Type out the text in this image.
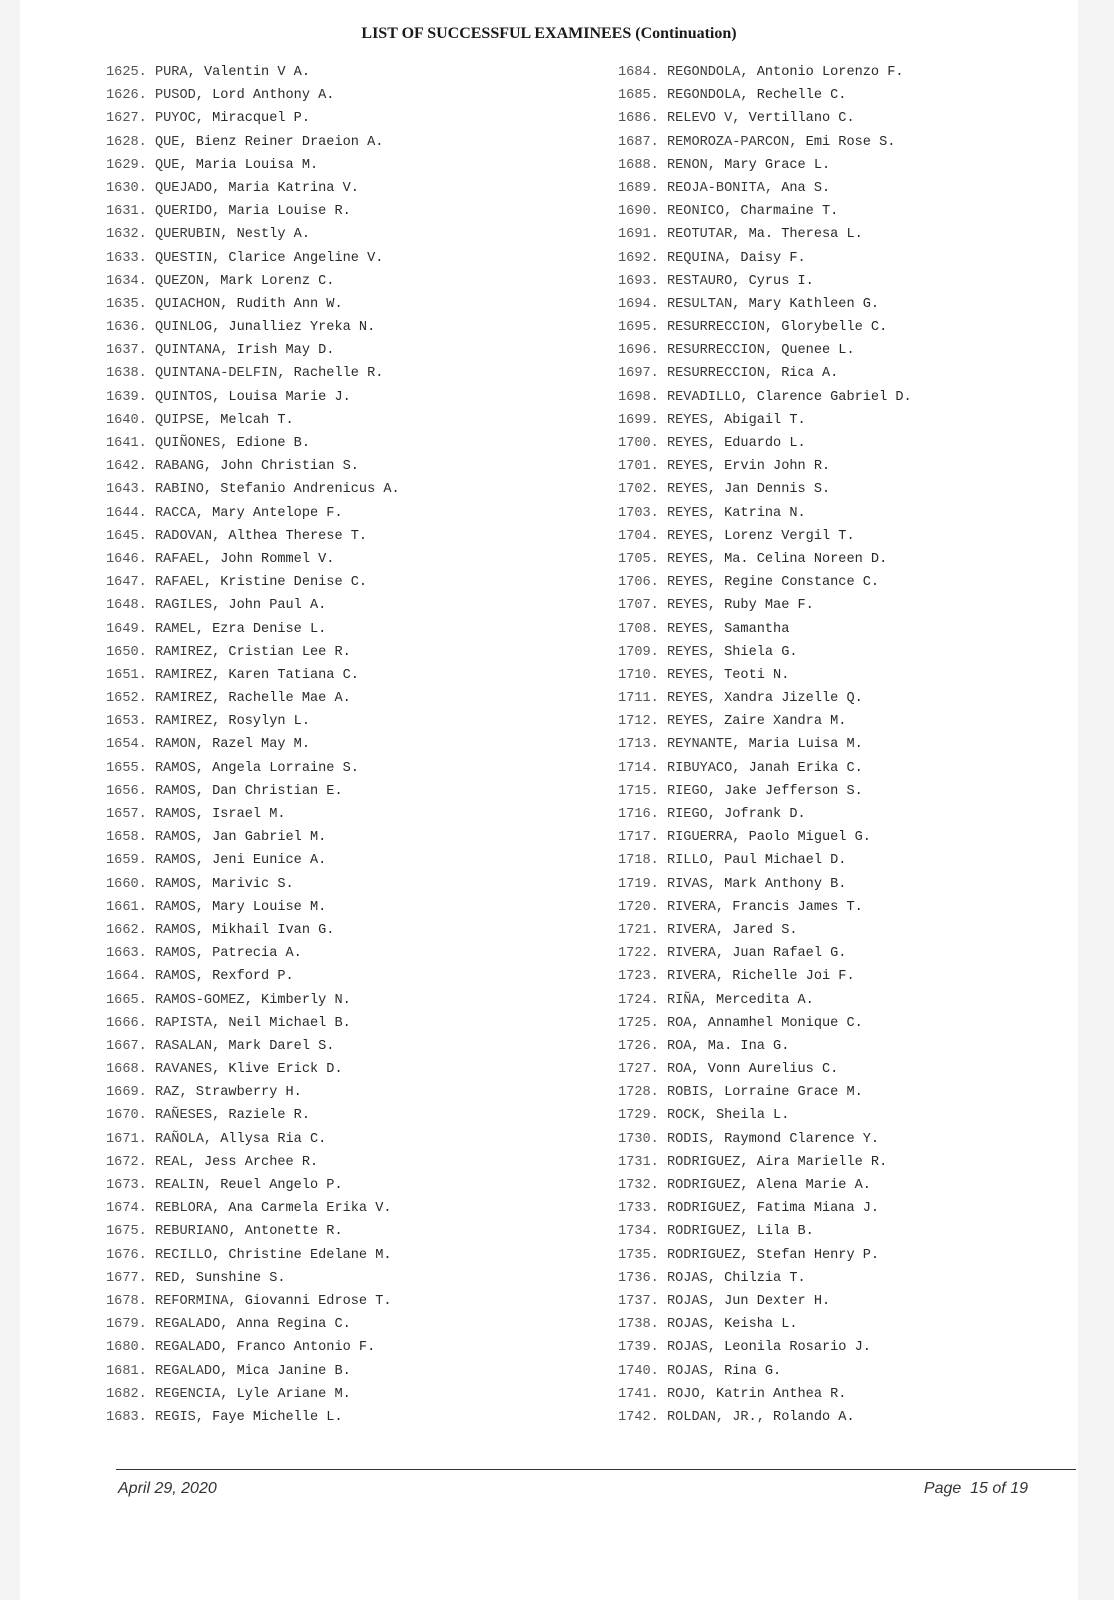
LIST OF SUCCESSFUL EXAMINEES (Continuation)
1625. PURA, Valentin V A.
1626. PUSOD, Lord Anthony A.
1627. PUYOC, Miracquel P.
1628. QUE, Bienz Reiner Draeion A.
1629. QUE, Maria Louisa M.
1630. QUEJADO, Maria Katrina V.
1631. QUERIDO, Maria Louise R.
1632. QUERUBIN, Nestly A.
1633. QUESTIN, Clarice Angeline V.
1634. QUEZON, Mark Lorenz C.
1635. QUIACHON, Rudith Ann W.
1636. QUINLOG, Junalliez Yreka N.
1637. QUINTANA, Irish May D.
1638. QUINTANA-DELFIN, Rachelle R.
1639. QUINTOS, Louisa Marie J.
1640. QUIPSE, Melcah T.
1641. QUIÑONES, Edione B.
1642. RABANG, John Christian S.
1643. RABINO, Stefanio Andrenicus A.
1644. RACCA, Mary Antelope F.
1645. RADOVAN, Althea Therese T.
1646. RAFAEL, John Rommel V.
1647. RAFAEL, Kristine Denise C.
1648. RAGILES, John Paul A.
1649. RAMEL, Ezra Denise L.
1650. RAMIREZ, Cristian Lee R.
1651. RAMIREZ, Karen Tatiana C.
1652. RAMIREZ, Rachelle Mae A.
1653. RAMIREZ, Rosylyn L.
1654. RAMON, Razel May M.
1655. RAMOS, Angela Lorraine S.
1656. RAMOS, Dan Christian E.
1657. RAMOS, Israel M.
1658. RAMOS, Jan Gabriel M.
1659. RAMOS, Jeni Eunice A.
1660. RAMOS, Marivic S.
1661. RAMOS, Mary Louise M.
1662. RAMOS, Mikhail Ivan G.
1663. RAMOS, Patrecia A.
1664. RAMOS, Rexford P.
1665. RAMOS-GOMEZ, Kimberly N.
1666. RAPISTA, Neil Michael B.
1667. RASALAN, Mark Darel S.
1668. RAVANES, Klive Erick D.
1669. RAZ, Strawberry H.
1670. RAÑESES, Raziele R.
1671. RAÑOLA, Allysa Ria C.
1672. REAL, Jess Archee R.
1673. REALIN, Reuel Angelo P.
1674. REBLORA, Ana Carmela Erika V.
1675. REBURIANO, Antonette R.
1676. RECILLO, Christine Edelane M.
1677. RED, Sunshine S.
1678. REFORMINA, Giovanni Edrose T.
1679. REGALADO, Anna Regina C.
1680. REGALADO, Franco Antonio F.
1681. REGALADO, Mica Janine B.
1682. REGENCIA, Lyle Ariane M.
1683. REGIS, Faye Michelle L.
1684. REGONDOLA, Antonio Lorenzo F.
1685. REGONDOLA, Rechelle C.
1686. RELEVO V, Vertillano C.
1687. REMOROZA-PARCON, Emi Rose S.
1688. RENON, Mary Grace L.
1689. REOJA-BONITA, Ana S.
1690. REONICO, Charmaine T.
1691. REOTUTAR, Ma. Theresa L.
1692. REQUINA, Daisy F.
1693. RESTAURO, Cyrus I.
1694. RESULTAN, Mary Kathleen G.
1695. RESURRECCION, Glorybelle C.
1696. RESURRECCION, Quenee L.
1697. RESURRECCION, Rica A.
1698. REVADILLO, Clarence Gabriel D.
1699. REYES, Abigail T.
1700. REYES, Eduardo L.
1701. REYES, Ervin John R.
1702. REYES, Jan Dennis S.
1703. REYES, Katrina N.
1704. REYES, Lorenz Vergil T.
1705. REYES, Ma. Celina Noreen D.
1706. REYES, Regine Constance C.
1707. REYES, Ruby Mae F.
1708. REYES, Samantha
1709. REYES, Shiela G.
1710. REYES, Teoti N.
1711. REYES, Xandra Jizelle Q.
1712. REYES, Zaire Xandra M.
1713. REYNANTE, Maria Luisa M.
1714. RIBUYACO, Janah Erika C.
1715. RIEGO, Jake Jefferson S.
1716. RIEGO, Jofrank D.
1717. RIGUERRA, Paolo Miguel G.
1718. RILLO, Paul Michael D.
1719. RIVAS, Mark Anthony B.
1720. RIVERA, Francis James T.
1721. RIVERA, Jared S.
1722. RIVERA, Juan Rafael G.
1723. RIVERA, Richelle Joi F.
1724. RIÑA, Mercedita A.
1725. ROA, Annamhel Monique C.
1726. ROA, Ma. Ina G.
1727. ROA, Vonn Aurelius C.
1728. ROBIS, Lorraine Grace M.
1729. ROCK, Sheila L.
1730. RODIS, Raymond Clarence Y.
1731. RODRIGUEZ, Aira Marielle R.
1732. RODRIGUEZ, Alena Marie A.
1733. RODRIGUEZ, Fatima Miana J.
1734. RODRIGUEZ, Lila B.
1735. RODRIGUEZ, Stefan Henry P.
1736. ROJAS, Chilzia T.
1737. ROJAS, Jun Dexter H.
1738. ROJAS, Keisha L.
1739. ROJAS, Leonila Rosario J.
1740. ROJAS, Rina G.
1741. ROJO, Katrin Anthea R.
1742. ROLDAN, JR., Rolando A.
April 29, 2020	Page 15 of 19
